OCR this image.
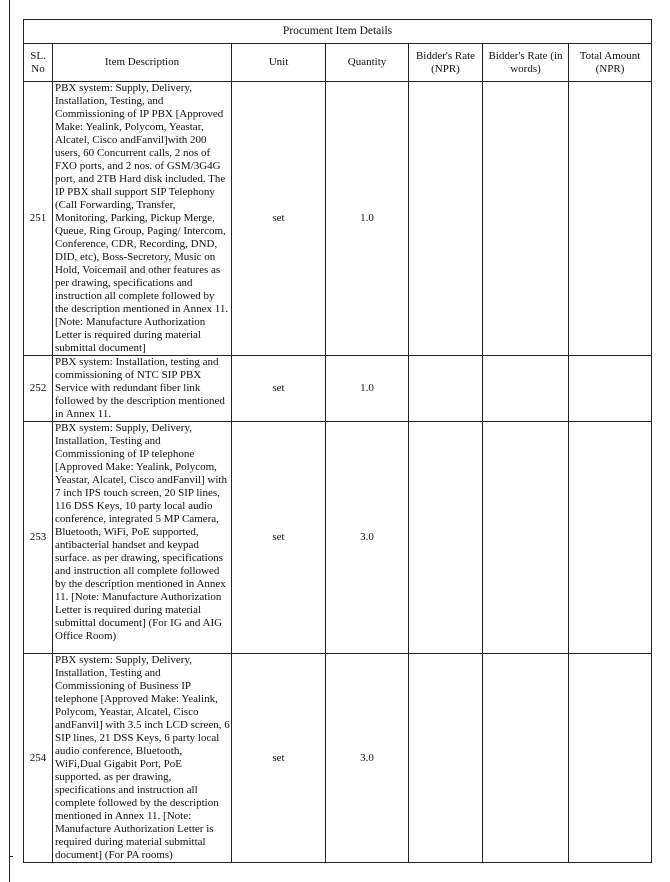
Procument Item Details						
SL. No	Item Description	Unit	Quantity	Bidder's Rate (NPR)	Bidder's Rate (in words)	Total Amount (NPR)
251	PBX system: Supply, Delivery, Installation, Testing, and Commissioning of IP PBX [Approved Make: Yealink, Polycom, Yeastar, Alcatel, Cisco andFanvil]with 200 users, 60 Concurrent calls, 2 nos of FXO ports, and 2 nos. of GSM/3G4G port, and 2TB Hard disk included. The IP PBX shall support SIP Telephony (Call Forwarding, Transfer, Monitoring, Parking, Pickup Merge, Queue, Ring Group, Paging/ Intercom, Conference, CDR, Recording, DND, DID, etc), Boss-Secretory, Music on Hold, Voicemail and other features as per drawing, specifications and instruction all complete followed by the description mentioned in Annex 11. [Note: Manufacture Authorization Letter is required during material submittal document]	set	1.0			
252	PBX system: Installation, testing and commissioning of NTC SIP PBX Service with redundant fiber link followed by the description mentioned in Annex 11.	set	1.0			
253	PBX system: Supply, Delivery, Installation, Testing and Commissioning of IP telephone [Approved Make: Yealink, Polycom, Yeastar, Alcatel, Cisco andFanvil] with 7 inch IPS touch screen, 20 SIP lines, 116 DSS Keys, 10 party local audio conference, integrated 5 MP Camera, Bluetooth, WiFi, PoE supported, antibacterial handset and keypad surface. as per drawing, specifications and instruction all complete followed by the description mentioned in Annex 11. [Note: Manufacture Authorization Letter is required during material submittal document] (For IG and AIG Office Room)	set	3.0			
254	PBX system: Supply, Delivery, Installation, Testing and Commissioning of Business IP telephone [Approved Make: Yealink, Polycom, Yeastar, Alcatel, Cisco andFanvil] with 3.5 inch LCD screen, 6 SIP lines, 21 DSS Keys, 6 party local audio conference, Bluetooth, WiFi,Dual Gigabit Port, PoE supported. as per drawing, specifications and instruction all complete followed by the description mentioned in Annex 11. [Note: Manufacture Authorization Letter is required during material submittal document] (For PA rooms)	set	3.0			
